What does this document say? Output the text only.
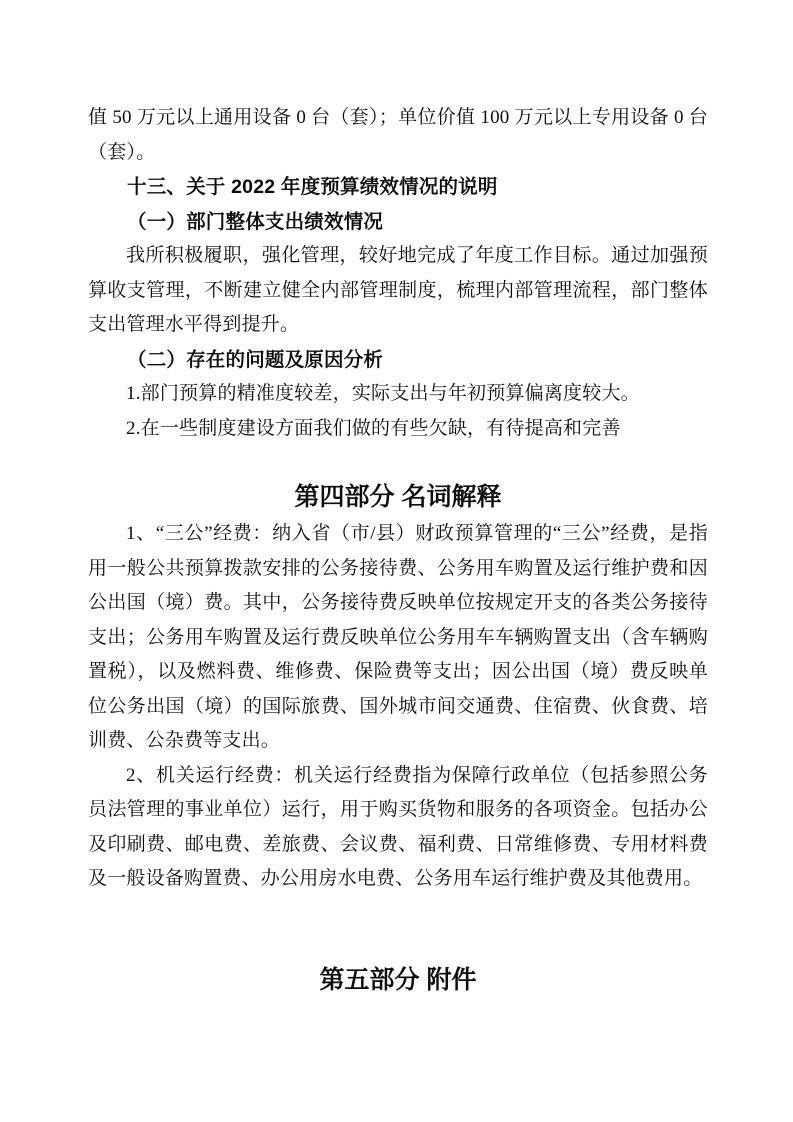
值 50 万元以上通用设备 0 台（套）；单位价值 100 万元以上专用设备 0 台（套）。

十三、关于 2022 年度预算绩效情况的说明

（一）部门整体支出绩效情况

我所积极履职，强化管理，较好地完成了年度工作目标。通过加强预算收支管理，不断建立健全内部管理制度，梳理内部管理流程，部门整体支出管理水平得到提升。

（二）存在的问题及原因分析

1.部门预算的精准度较差，实际支出与年初预算偏离度较大。

2.在一些制度建设方面我们做的有些欠缺，有待提高和完善

第四部分 名词解释

1、“三公”经费：纳入省（市/县）财政预算管理的“三公”经费，是指用一般公共预算拨款安排的公务接待费、公务用车购置及运行维护费和因公出国（境）费。其中，公务接待费反映单位按规定开支的各类公务接待支出；公务用车购置及运行费反映单位公务用车车辆购置支出（含车辆购置税），以及燃料费、维修费、保险费等支出；因公出国（境）费反映单位公务出国（境）的国际旅费、国外城市间交通费、住宿费、伙食费、培训费、公杂费等支出。

2、机关运行经费：机关运行经费指为保障行政单位（包括参照公务员法管理的事业单位）运行，用于购买货物和服务的各项资金。包括办公及印刷费、邮电费、差旅费、会议费、福利费、日常维修费、专用材料费及一般设备购置费、办公用房水电费、公务用车运行维护费及其他费用。

第五部分 附件
